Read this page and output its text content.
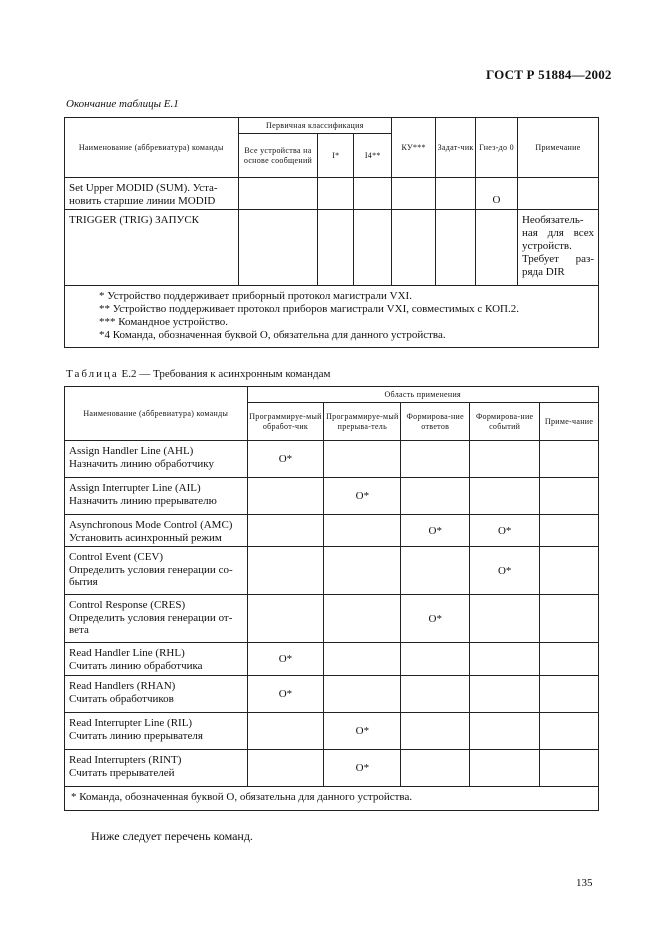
ГОСТ Р 51884—2002
Окончание таблицы Е.1
Наименование (аббревиатура) команды	Первичная классификация			КУ***	Задат-чик	Гнез-до 0	Примечание
	Все устройства на основе сообщений	I*	I4**				
Set Upper MODID (SUM). Уста-новить старшие линии MODID						O	
TRIGGER (TRIG) ЗАПУСК							Необязатель-ная для всех устройств. Требует раз-ряда DIR

* Устройство поддерживает приборный протокол магистрали VXI.
** Устройство поддерживает протокол приборов магистрали VXI, совместимых с КОП.2.
*** Командное устройство.
*4 Команда, обозначенная буквой О, обязательна для данного устройства.							
Таблица Е.2 — Требования к асинхронным командам
Наименование (аббревиатура) команды	Область применения				
	Программируе-мый обработ-чик	Программируе-мый прерыва-тель	Формирова-ние ответов	Формирова-ние событий	Приме-чание

Assign Handler Line (AHL)
Назначить линию обработчику	O*				

Assign Interrupter Line (AIL)
Назначить линию прерывателю		O*			

Asynchronous Mode Control (AMC)
Установить асинхронный режим			O*	O*	

Control Event (CEV)
Определить условия генерации со-бытия				O*	

Control Response (CRES)
Определить условия генерации от-вета			O*		

Read Handler Line (RHL)
Считать линию обработчика	O*				

Read Handlers (RHAN)
Считать обработчиков	O*				

Read Interrupter Line (RIL)
Считать линию прерывателя		O*			

Read Interrupters (RINT)
Считать прерывателей		O*			
* Команда, обозначенная буквой О, обязательна для данного устройства.					
Ниже следует перечень команд.
135
